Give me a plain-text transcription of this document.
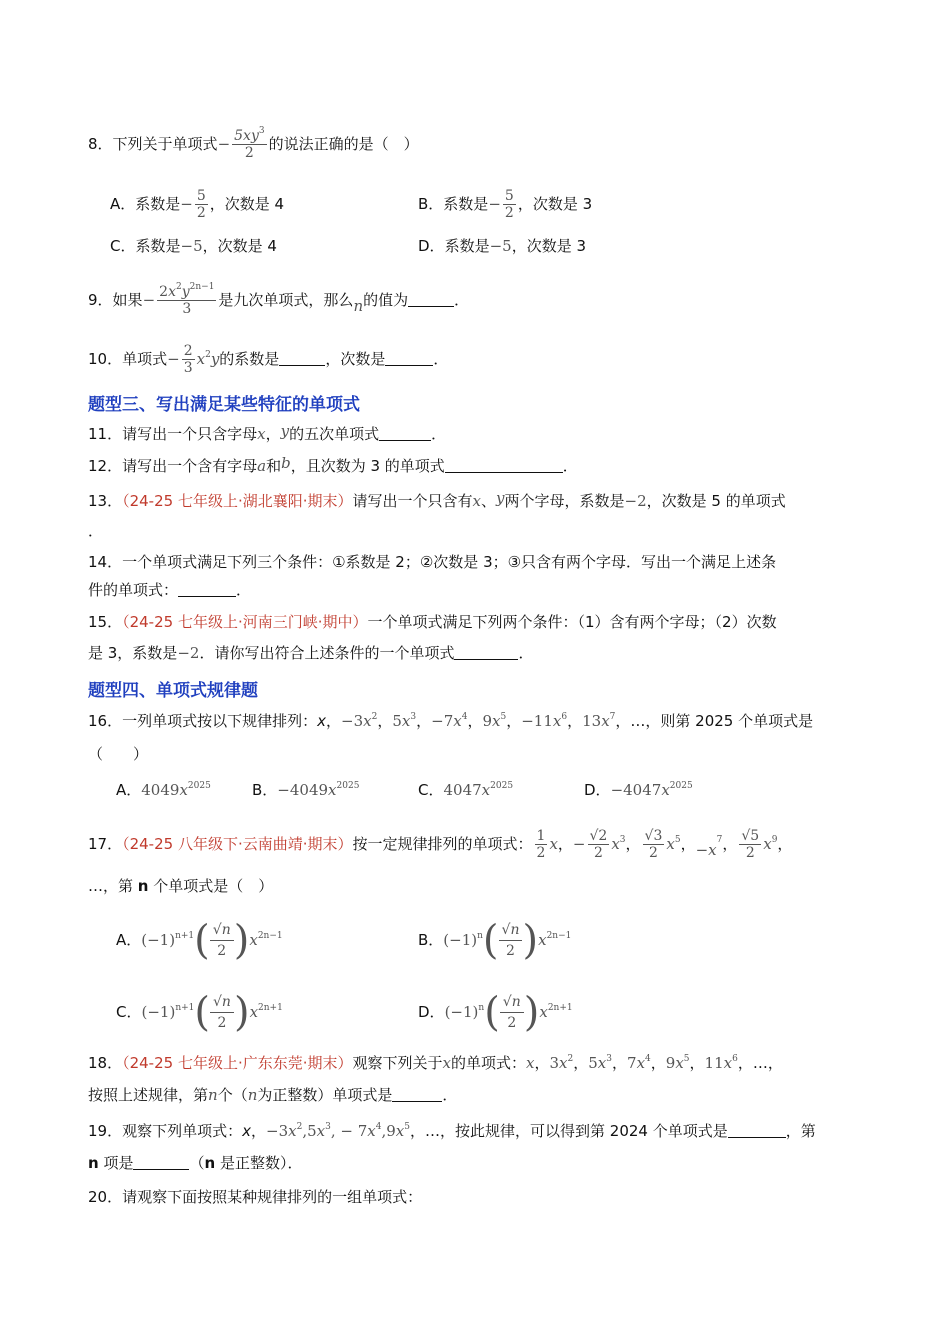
8．下列关于单项式− $\frac{5xy^3}{2}$ 的说法正确的是（　）
A．系数是− $\frac{5}{2}$ ，次数是 4	B．系数是− $\frac{5}{2}$ ，次数是 3
C．系数是−5，次数是 4	D．系数是−5，次数是 3
9．如果− $\frac{2x^2y^{2n-1}}{3}$ 是九次单项式，那么n的值为	．
10．单项式− $\frac{2}{3} x^2y$的系数是	，次数是	．
题型三、写出满足某些特征的单项式
11．请写出一个只含字母x，y的五次单项式	．
12．请写出一个含有字母a和b，且次数为 3 的单项式	．
13．（24-25 七年级上·湖北襄阳·期末）请写出一个只含有x、y两个字母，系数是−2，次数是 5 的单项式
．
14．一个单项式满足下列三个条件：①系数是 2；②次数是 3；③只含有两个字母．写出一个满足上述条
件的单项式：	．
15．（24-25 七年级上·河南三门峡·期中）一个单项式满足下列两个条件：（1）含有两个字母；（2）次数
是 3，系数是−2．请你写出符合上述条件的一个单项式	．
题型四、单项式规律题
16．一列单项式按以下规律排列：x，$-3x^2$，$5x^3$，$-7x^4$，$9x^5$，$-11x^6$，$13x^7$，…，则第 2025 个单项式是
（　　）
A．$4049x^{2025}$	B．$-4049x^{2025}$	C．$4047x^{2025}$	D．$-4047x^{2025}$
17．（24-25 八年级下·云南曲靖·期末）按一定规律排列的单项式： $\frac{1}{2}$ x，− $\frac{√2}{2} x^3$， $\frac{√3}{2} x^5$，$-x^7$， $\frac{√5}{2} x^9$，
…，第 n 个单项式是（　）
A．$(-1)^{n+1}( \frac{√n}{2} )x^{2n-1}$	B．$(-1)^n( \frac{√n}{2} )x^{2n-1}$
C．$(-1)^{n+1}( \frac{√n}{2} )x^{2n+1}$	D．$(-1)^n( \frac{√n}{2} )x^{2n+1}$
18．（24-25 七年级上·广东东莞·期末）观察下列关于x的单项式：x，$3x^2$，$5x^3$，$7x^4$，$9x^5$，$11x^6$，…，
按照上述规律，第n个（n为正整数）单项式是	．
19．观察下列单项式：x，$-3x^2,5x^3$, − $7x^4,9x^5$，…，按此规律，可以得到第 2024 个单项式是	，第
n 项是	（n 是正整数）．
20．请观察下面按照某种规律排列的一组单项式：
